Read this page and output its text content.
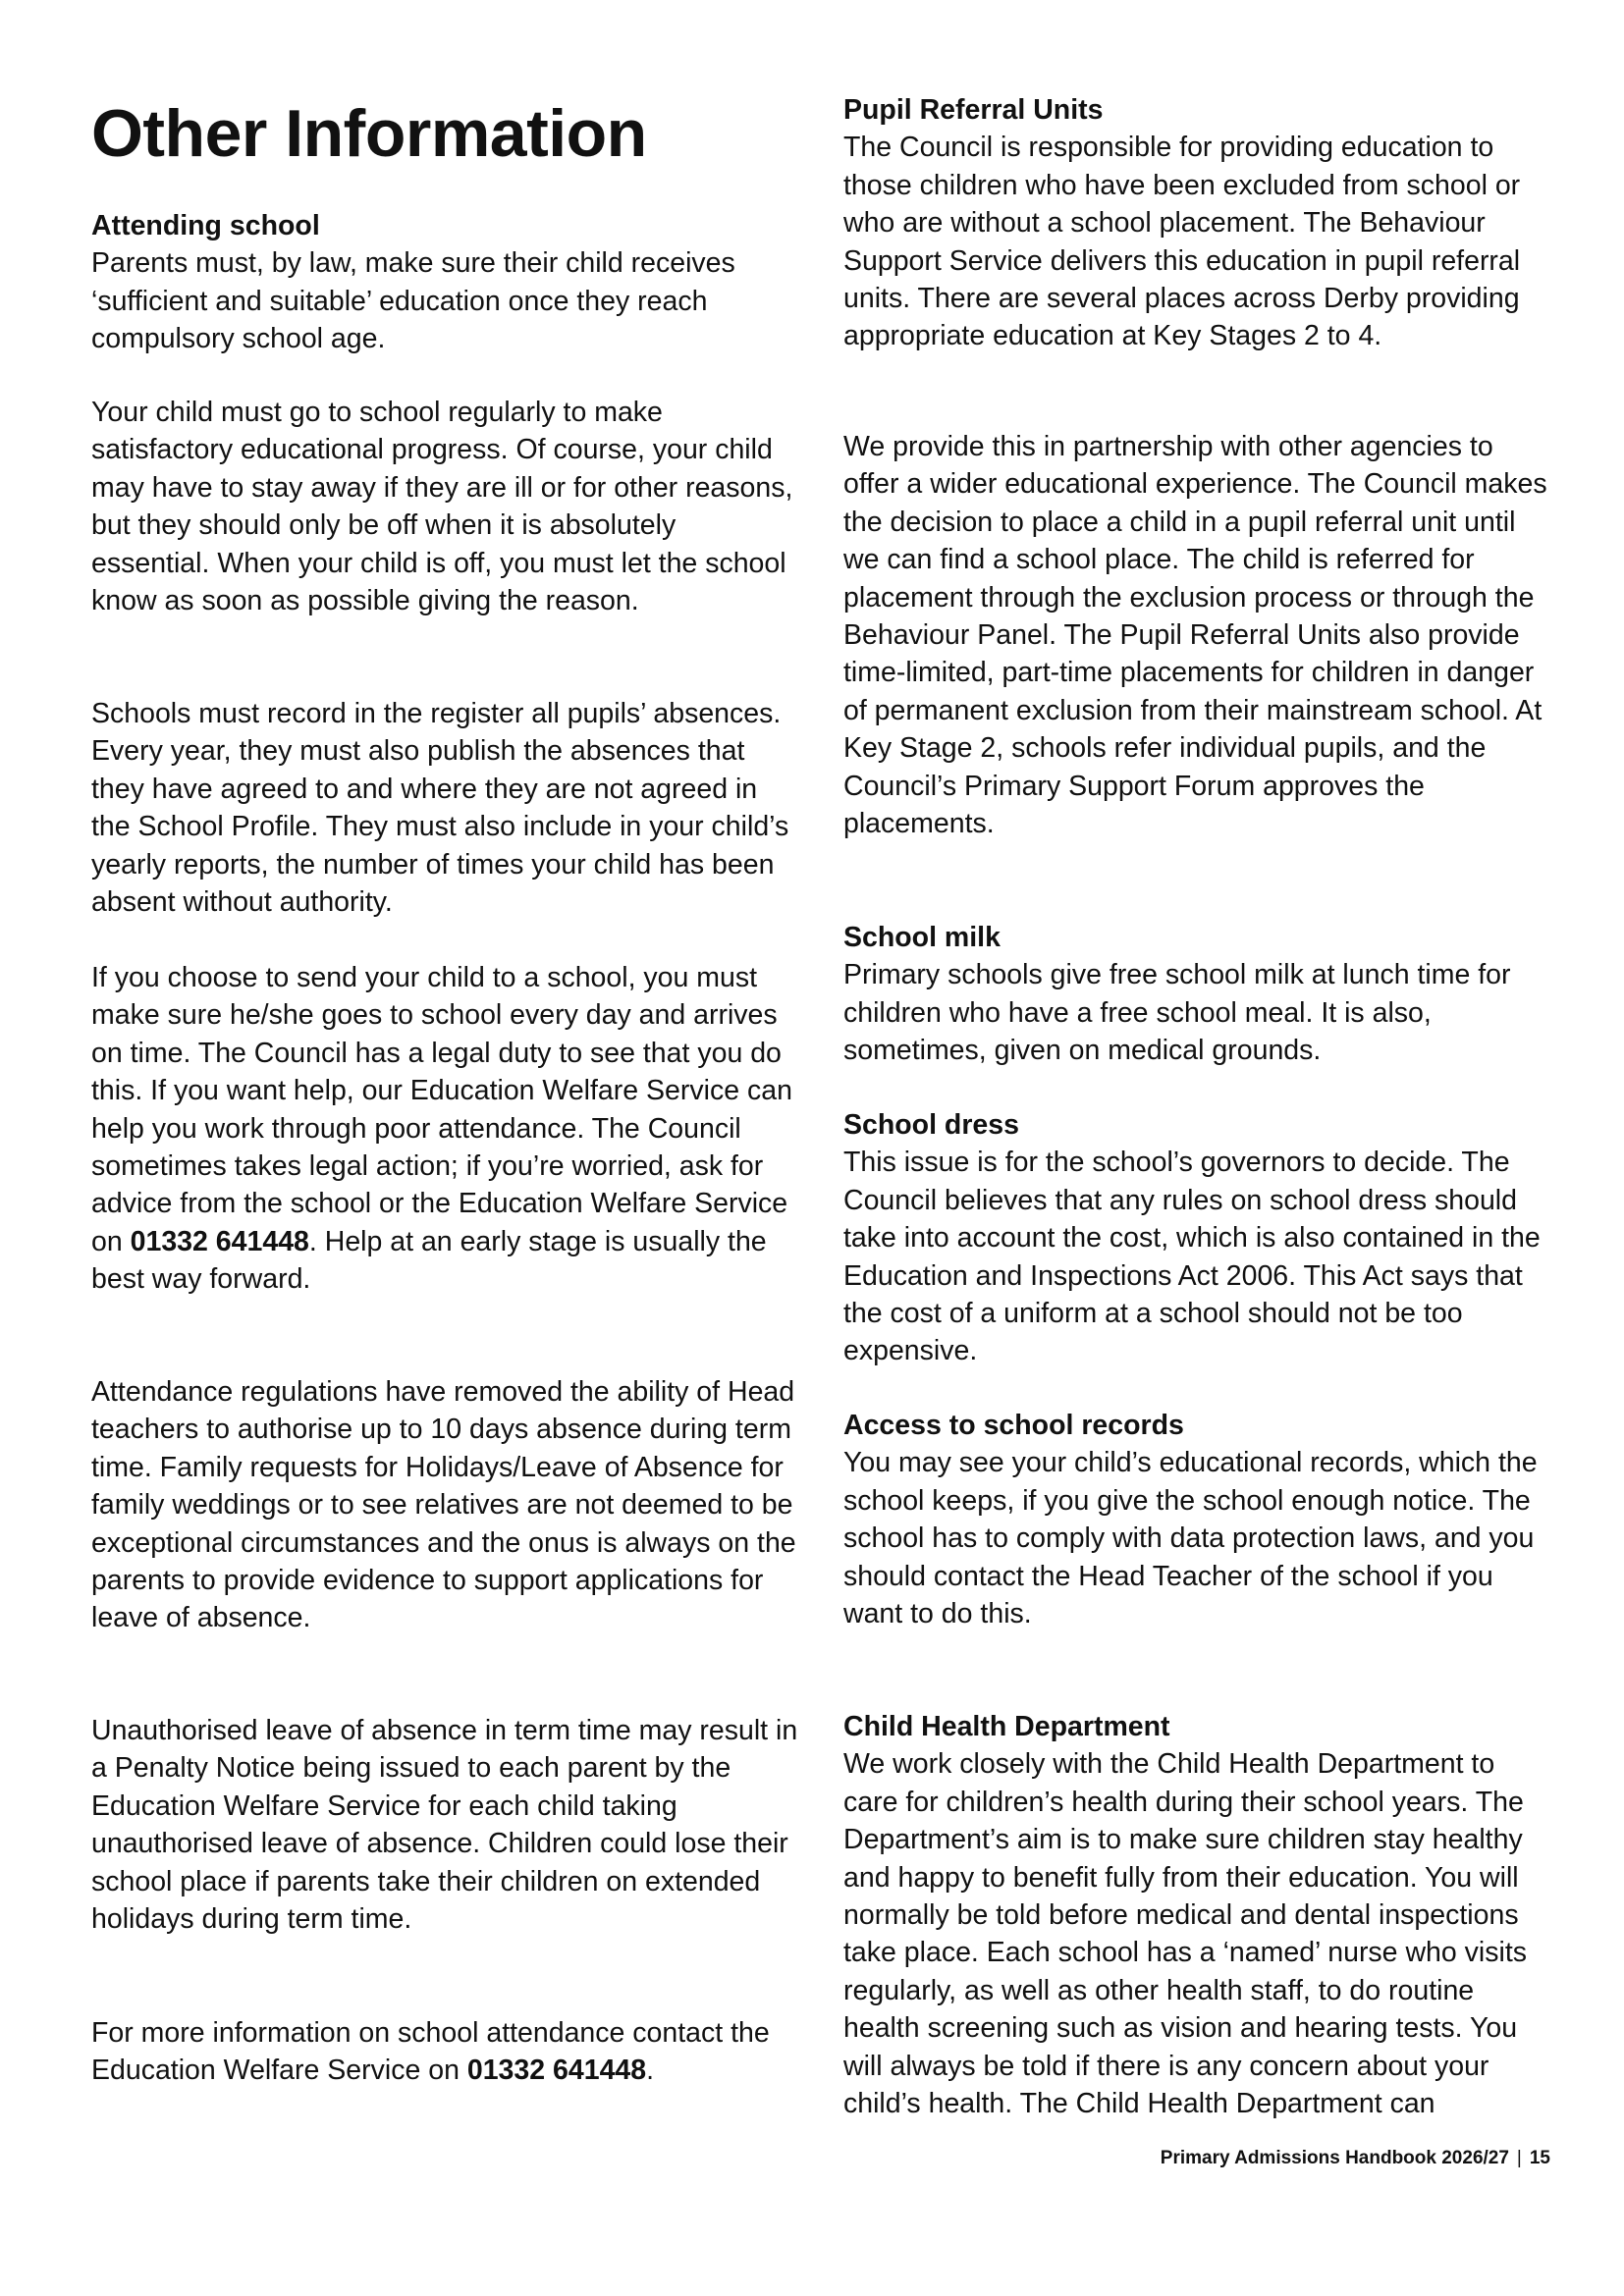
Other Information

Attending school

Parents must, by law, make sure their child receives ‘sufficient and suitable’ education once they reach compulsory school age.

Your child must go to school regularly to make satisfactory educational progress. Of course, your child may have to stay away if they are ill or for other reasons, but they should only be off when it is absolutely essential. When your child is off, you must let the school know as soon as possible giving the reason.

Schools must record in the register all pupils’ absences. Every year, they must also publish the absences that they have agreed to and where they are not agreed in the School Profile. They must also include in your child’s yearly reports, the number of times your child has been absent without authority.

If you choose to send your child to a school, you must make sure he/she goes to school every day and arrives on time. The Council has a legal duty to see that you do this. If you want help, our Education Welfare Service can help you work through poor attendance. The Council sometimes takes legal action; if you’re worried, ask for advice from the school or the Education Welfare Service on 01332 641448. Help at an early stage is usually the best way forward.

Attendance regulations have removed the ability of Head teachers to authorise up to 10 days absence during term time. Family requests for Holidays/Leave of Absence for family weddings or to see relatives are not deemed to be exceptional circumstances and the onus is always on the parents to provide evidence to support applications for leave of absence.

Unauthorised leave of absence in term time may result in a Penalty Notice being issued to each parent by the Education Welfare Service for each child taking unauthorised leave of absence. Children could lose their school place if parents take their children on extended holidays during term time.

For more information on school attendance contact the Education Welfare Service on 01332 641448.

Pupil Referral Units

The Council is responsible for providing education to those children who have been excluded from school or who are without a school placement. The Behaviour Support Service delivers this education in pupil referral units. There are several places across Derby providing appropriate education at Key Stages 2 to 4.

We provide this in partnership with other agencies to offer a wider educational experience. The Council makes the decision to place a child in a pupil referral unit until we can find a school place. The child is referred for placement through the exclusion process or through the Behaviour Panel. The Pupil Referral Units also provide time-limited, part-time placements for children in danger of permanent exclusion from their mainstream school. At Key Stage 2, schools refer individual pupils, and the Council’s Primary Support Forum approves the placements.

School milk

Primary schools give free school milk at lunch time for children who have a free school meal. It is also, sometimes, given on medical grounds.

School dress

This issue is for the school’s governors to decide. The Council believes that any rules on school dress should take into account the cost, which is also contained in the Education and Inspections Act 2006. This Act says that the cost of a uniform at a school should not be too expensive.

Access to school records

You may see your child’s educational records, which the school keeps, if you give the school enough notice. The school has to comply with data protection laws, and you should contact the Head Teacher of the school if you want to do this.

Child Health Department

We work closely with the Child Health Department to care for children’s health during their school years. The Department’s aim is to make sure children stay healthy and happy to benefit fully from their education. You will normally be told before medical and dental inspections take place. Each school has a ‘named’ nurse who visits regularly, as well as other health staff, to do routine health screening such as vision and hearing tests. You will always be told if there is any concern about your child’s health. The Child Health Department can

Primary Admissions Handbook 2026/27 | 15
